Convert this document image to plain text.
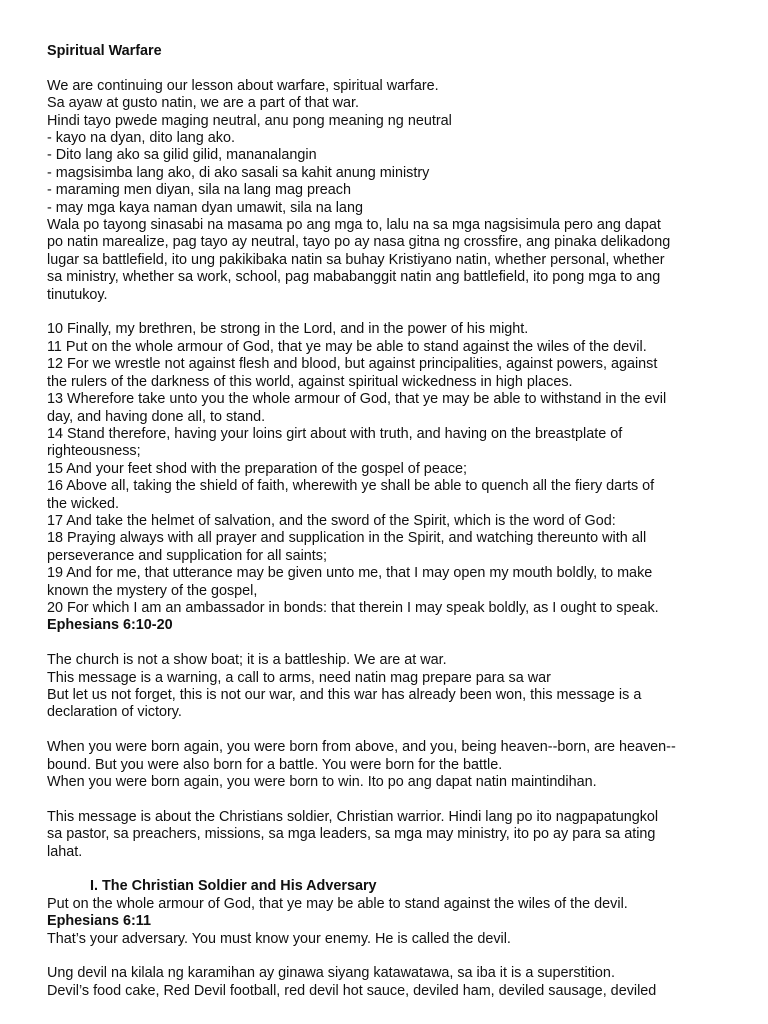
Spiritual Warfare
We are continuing our lesson about warfare, spiritual warfare.
Sa ayaw at gusto natin, we are a part of that war.
Hindi tayo pwede maging neutral, anu pong meaning ng neutral
- kayo na dyan, dito lang ako.
- Dito lang ako sa gilid gilid, mananalangin
- magsisimba lang ako, di ako sasali sa kahit anung ministry
- maraming men diyan, sila na lang mag preach
- may mga kaya naman dyan umawit, sila na lang
Wala po tayong sinasabi na masama po ang mga to, lalu na sa mga nagsisimula pero ang dapat
po natin marealize, pag tayo ay neutral, tayo po ay nasa gitna ng crossfire, ang pinaka delikadong
lugar sa battlefield, ito ung pakikibaka natin sa buhay Kristiyano natin, whether personal, whether
sa ministry, whether sa work, school, pag mababanggit natin ang battlefield, ito pong mga to ang
tinutukoy.
10 Finally, my brethren, be strong in the Lord, and in the power of his might.
11 Put on the whole armour of God, that ye may be able to stand against the wiles of the devil.
12 For we wrestle not against flesh and blood, but against principalities, against powers, against
the rulers of the darkness of this world, against spiritual wickedness in high places.
13 Wherefore take unto you the whole armour of God, that ye may be able to withstand in the evil
day, and having done all, to stand.
14 Stand therefore, having your loins girt about with truth, and having on the breastplate of
righteousness;
15 And your feet shod with the preparation of the gospel of peace;
16 Above all, taking the shield of faith, wherewith ye shall be able to quench all the fiery darts of
the wicked.
17 And take the helmet of salvation, and the sword of the Spirit, which is the word of God:
18 Praying always with all prayer and supplication in the Spirit, and watching thereunto with all
perseverance and supplication for all saints;
19 And for me, that utterance may be given unto me, that I may open my mouth boldly, to make
known the mystery of the gospel,
20 For which I am an ambassador in bonds: that therein I may speak boldly, as I ought to speak.
Ephesians 6:10-20
The church is not a show boat; it is a battleship. We are at war.
This message is a warning, a call to arms, need natin mag prepare para sa war
But let us not forget, this is not our war, and this war has already been won, this message is a
declaration of victory.
When you were born again, you were born from above, and you, being heaven--born, are heaven--
bound. But you were also born for a battle. You were born for the battle.
When you were born again, you were born to win. Ito po ang dapat natin maintindihan.
This message is about the Christians soldier, Christian warrior. Hindi lang po ito nagpapatungkol
sa pastor, sa preachers, missions, sa mga leaders, sa mga may ministry, ito po ay para sa ating
lahat.
I. The Christian Soldier and His Adversary
Put on the whole armour of God, that ye may be able to stand against the wiles of the devil.
Ephesians 6:11
That’s your adversary. You must know your enemy. He is called the devil.
Ung devil na kilala ng karamihan ay ginawa siyang katawatawa, sa iba it is a superstition.
Devil’s food cake, Red Devil football, red devil hot sauce, deviled ham, deviled sausage, deviled
